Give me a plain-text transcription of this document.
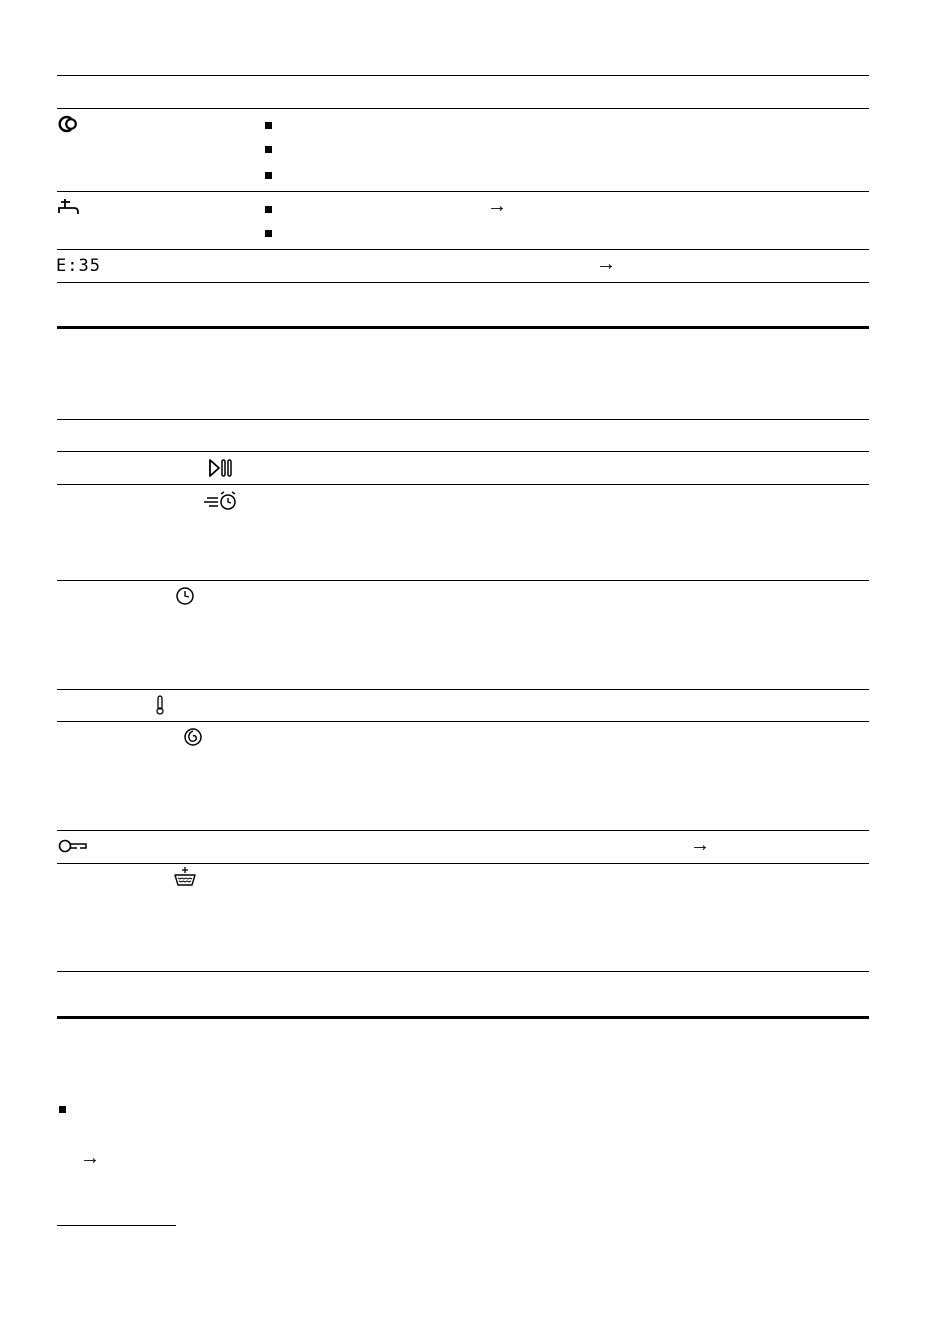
→
E:35	→
→
→
